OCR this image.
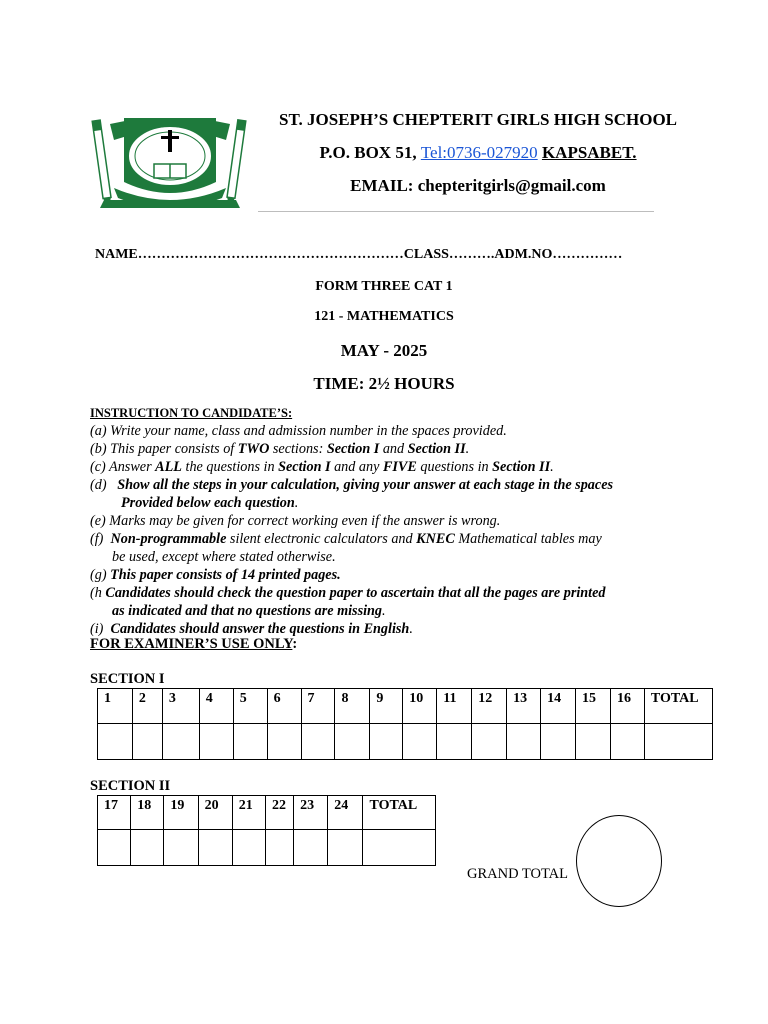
ST. JOSEPH’S CHEPTERIT GIRLS HIGH SCHOOL
P.O. BOX 51, Tel:0736-027920 KAPSABET.
EMAIL: chepteritgirls@gmail.com
NAME…………………………………………………CLASS……….ADM.NO……………
FORM THREE CAT 1
121 - MATHEMATICS
MAY - 2025
TIME: 2½ HOURS
INSTRUCTION TO CANDIDATE’S:

(a) Write your name, class and admission number in the spaces provided.

(b) This paper consists of TWO sections: Section I and Section II.

(c) Answer ALL the questions in Section I and any FIVE questions in Section II.

(d) Show all the steps in your calculation, giving your answer at each stage in the spaces

Provided below each question.

(e) Marks may be given for correct working even if the answer is wrong.

(f) Non-programmable silent electronic calculators and KNEC Mathematical tables may

be used, except where stated otherwise.

(g) This paper consists of 14 printed pages.

(h Candidates should check the question paper to ascertain that all the pages are printed

as indicated and that no questions are missing.

(i) Candidates should answer the questions in English.

FOR EXAMINER’S USE ONLY:
SECTION I
1	2	3	4	5	6	7	8	9	10	11	12	13	14	15	16	TOTAL

SECTION II
17	18	19	20	21	22	23	24	TOTAL

GRAND TOTAL
